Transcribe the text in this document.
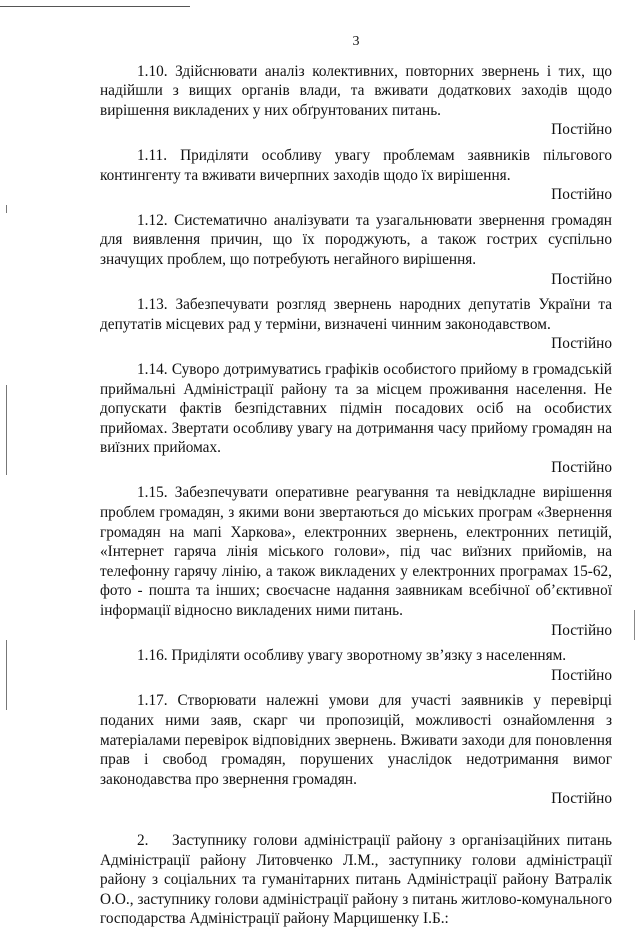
3

1.10. Здійснювати аналіз колективних, повторних звернень і тих, що надійшли з вищих органів влади, та вживати додаткових заходів щодо вирішення викладених у них обґрунтованих питань.

Постійно

1.11. Приділяти особливу увагу проблемам заявників пільгового контингенту та вживати вичерпних заходів щодо їх вирішення.

Постійно

1.12. Систематично аналізувати та узагальнювати звернення громадян для виявлення причин, що їх породжують, а також гострих суспільно значущих проблем, що потребують негайного вирішення.

Постійно

1.13. Забезпечувати розгляд звернень народних депутатів України та депутатів місцевих рад у терміни, визначені чинним законодавством.

Постійно

1.14. Суворо дотримуватись графіків особистого прийому в громадській приймальні Адміністрації району та за місцем проживання населення. Не допускати фактів безпідставних підмін посадових осіб на особистих прийомах. Звертати особливу увагу на дотримання часу прийому громадян на виїзних прийомах.

Постійно

1.15. Забезпечувати оперативне реагування та невідкладне вирішення проблем громадян, з якими вони звертаються до міських програм «Звернення громадян на мапі Харкова», електронних звернень, електронних петицій, «Інтернет гаряча лінія міського голови», під час виїзних прийомів, на телефонну гарячу лінію, а також викладених у електронних програмах 15-62, фото - пошта та інших; своєчасне надання заявникам всебічної об’єктивної інформації відносно викладених ними питань.

Постійно

1.16. Приділяти особливу увагу зворотному зв’язку з населенням.

Постійно

1.17. Створювати належні умови для участі заявників у перевірці поданих ними заяв, скарг чи пропозицій, можливості ознайомлення з матеріалами перевірок відповідних звернень. Вживати заходи для поновлення прав і свобод громадян, порушених унаслідок недотримання вимог законодавства про звернення громадян.

Постійно

2. Заступнику голови адміністрації району з організаційних питань Адміністрації району Литовченко Л.М., заступнику голови адміністрації району з соціальних та гуманітарних питань Адміністрації району Ватралік О.О., заступнику голови адміністрації району з питань житлово-комунального господарства Адміністрації району Марцишенку І.Б.:
